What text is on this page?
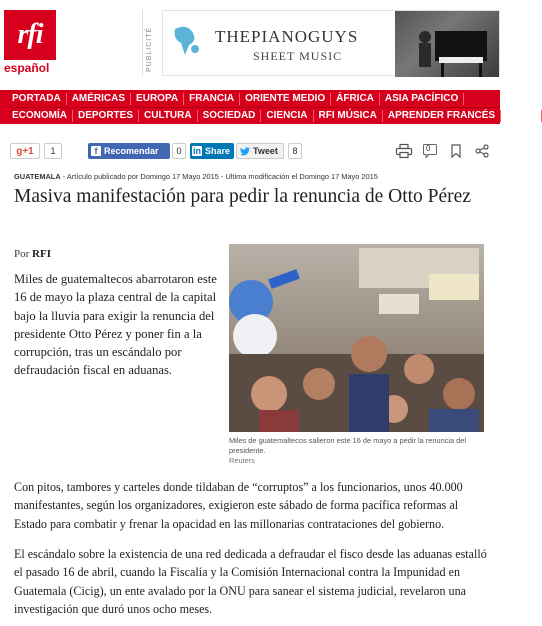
rfi
español	PUBLICITÉ	THEPIANOGUYS
SHEET MUSIC
PORTADA	AMÉRICAS	EUROPA	FRANCIA	ORIENTE MEDIO	ÁFRICA	ASIA PACÍFICO
ECONOMÍA	DEPORTES	CULTURA	SOCIEDAD	CIENCIA	RFI MÚSICA	APRENDER FRANCÉS	PROG
g+1	1	f Recomendar	0	in Share	Tweet	8	0
GUATEMALA - Artículo publicado por Domingo 17 Mayo 2015 - Ultima modificación el Domingo 17 Mayo 2015
Masiva manifestación para pedir la renuncia de Otto Pérez
Por RFI

Miles de guatemaltecos abarrotaron este 16 de mayo la plaza central de la capital bajo la lluvia para exigir la renuncia del presidente Otto Pérez y poner fin a la corrupción, tras un escándalo por defraudación fiscal en aduanas.

Miles de guatemaltecos salieron este 16 de mayo a pedir la renuncia del presidente.
Reuters

Con pitos, tambores y carteles donde tildaban de “corruptos” a los funcionarios, unos 40.000 manifestantes, según los organizadores, exigieron este sábado de forma pacífica reformas al Estado para combatir y frenar la opacidad en las millonarias contrataciones del gobierno.

El escándalo sobre la existencia de una red dedicada a defraudar el fisco desde las aduanas estalló el pasado 16 de abril, cuando la Fiscalía y la Comisión Internacional contra la Impunidad en Guatemala (Cicig), un ente avalado por la ONU para sanear el sistema judicial, revelaron una investigación que duró unos ocho meses.
